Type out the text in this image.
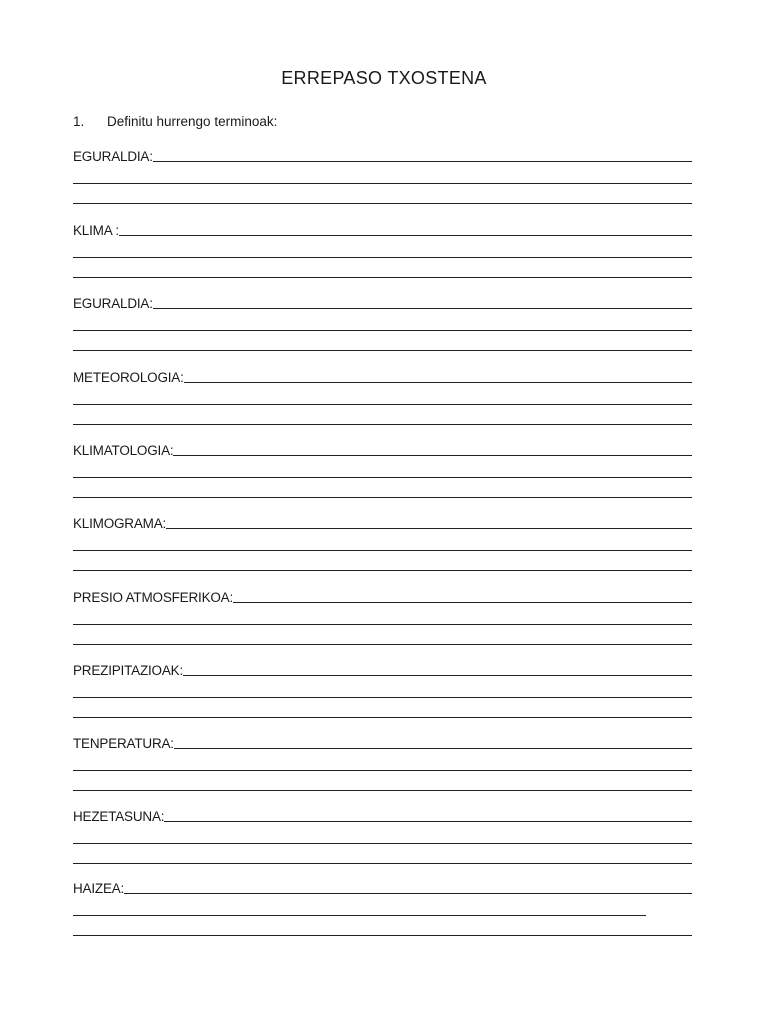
ERREPASO TXOSTENA
1. Definitu hurrengo terminoak:
EGURALDIA:
KLIMA :
EGURALDIA:
METEOROLOGIA:
KLIMATOLOGIA:
KLIMOGRAMA:
PRESIO ATMOSFERIKOA:
PREZIPITAZIOAK:
TENPERATURA:
HEZETASUNA:
HAIZEA:
